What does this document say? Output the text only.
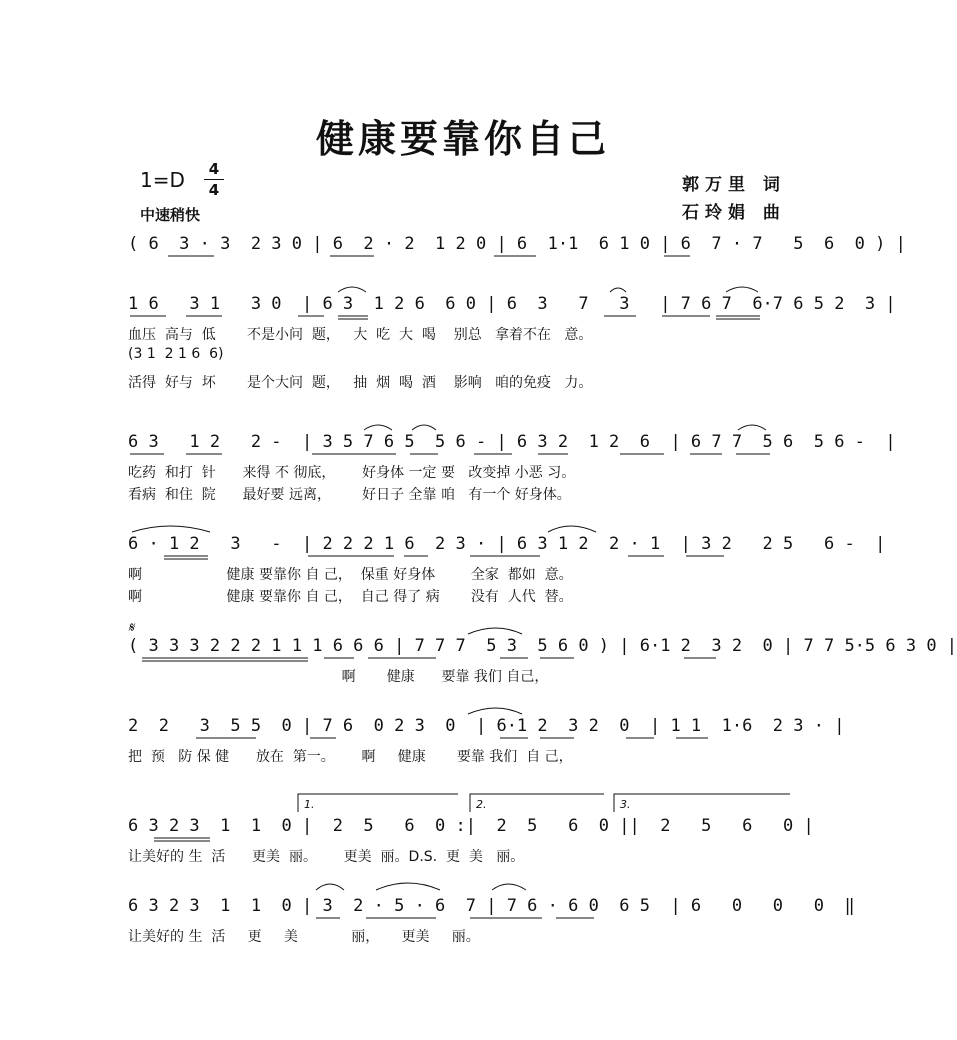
健康要靠你自己
1=D	4
4
中速稍快
郭万里 词
石玲娟 曲
( 6  3 · 3  2 3 0 | 6  2 · 2  1 2 0 | 6  1·1  6 1 0 | 6  7 · 7   5  6  0 ) |
1 6   3 1   3 0  | 6 3  1 2 6  6 0 | 6  3   7   3   | 7 6 7  6·7 6 5 2  3 |
血压  高与  低       不是小问  题，   大  吃  大  喝    别总   拿着不在   意。
(3 1  2 1 6  6)
活得  好与  坏       是个大问  题，   抽  烟  喝  酒    影响   咱的免疫   力。
6 3   1 2   2 -  | 3 5 7 6 5  5 6 - | 6 3 2  1 2  6  | 6 7 7  5 6  5 6 -  |
吃药  和打  针      来得 不 彻底，      好身体 一定 要   改变掉 小恶 习。
看病  和住  院      最好要 远离，       好日子 全靠 咱   有一个 好身体。
6 · 1 2   3   -  | 2 2 2 1 6  2 3 · | 6 3 1 2  2 · 1  | 3 2   2 5   6 -  |
啊                   健康 要靠你 自 己，  保重 好身体        全家  都如  意。
啊                   健康 要靠你 自 己，  自己 得了 病       没有  人代  替。
𝄋
( 3 3 3 2 2 2 1 1 1 6 6 6 | 7 7 7  5 3  5 6 0 ) | 6·1 2  3 2  0 | 7 7 5·5 6 3 0 |
啊       健康      要靠 我们 自己，
2  2   3  5 5  0 | 7 6  0 2 3  0  | 6·1 2  3 2  0  | 1 1  1·6  2 3 · |
把  预   防 保 健      放在  第一。      啊     健康       要靠 我们  自 己，
1.	2.	3.
6 3 2 3  1  1  0 |  2  5   6  0 :|  2  5   6  0 ||  2   5   6   0 |
让美好的 生  活      更美  丽。      更美  丽。D.S.  更  美   丽。
6 3 2 3  1  1  0 | 3  2 · 5 · 6  7 | 7 6 · 6 0  6 5  | 6   0   0   0  ‖
让美好的 生  活     更     美            丽，     更美     丽。
